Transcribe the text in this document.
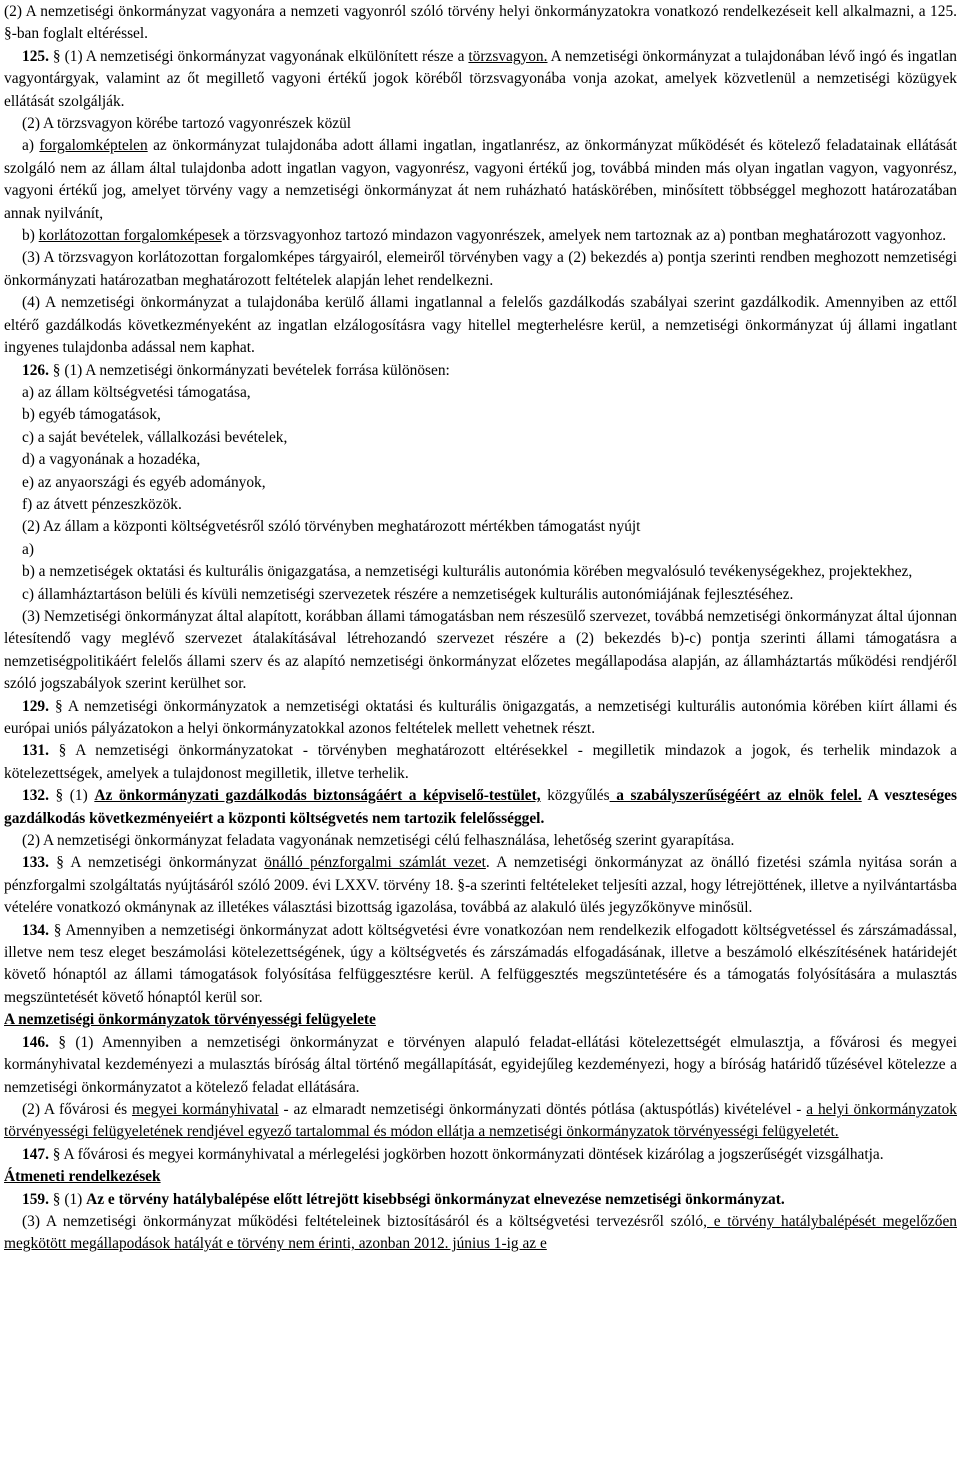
(2) A nemzetiségi önkormányzat vagyonára a nemzeti vagyonról szóló törvény helyi önkormányzatokra vonatkozó rendelkezéseit kell alkalmazni, a 125. §-ban foglalt eltéréssel.

125. § (1) A nemzetiségi önkormányzat vagyonának elkülönített része a törzsvagyon. A nemzetiségi önkormányzat a tulajdonában lévő ingó és ingatlan vagyontárgyak, valamint az őt megillető vagyoni értékű jogok köréből törzsvagyonába vonja azokat, amelyek közvetlenül a nemzetiségi közügyek ellátását szolgálják.

(2) A törzsvagyon körébe tartozó vagyonrészek közül

a) forgalomképtelen az önkormányzat tulajdonába adott állami ingatlan, ingatlanrész, az önkormányzat működését és kötelező feladatainak ellátását szolgáló nem az állam által tulajdonba adott ingatlan vagyon, vagyonrész, vagyoni értékű jog, továbbá minden más olyan ingatlan vagyon, vagyonrész, vagyoni értékű jog, amelyet törvény vagy a nemzetiségi önkormányzat át nem ruházható hatáskörében, minősített többséggel meghozott határozatában annak nyilvánít,

b) korlátozottan forgalomképesek a törzsvagyonhoz tartozó mindazon vagyonrészek, amelyek nem tartoznak az a) pontban meghatározott vagyonhoz.

(3) A törzsvagyon korlátozottan forgalomképes tárgyairól, elemeiről törvényben vagy a (2) bekezdés a) pontja szerinti rendben meghozott nemzetiségi önkormányzati határozatban meghatározott feltételek alapján lehet rendelkezni.

(4) A nemzetiségi önkormányzat a tulajdonába kerülő állami ingatlannal a felelős gazdálkodás szabályai szerint gazdálkodik. Amennyiben az ettől eltérő gazdálkodás következményeként az ingatlan elzálogosításra vagy hitellel megterhelésre kerül, a nemzetiségi önkormányzat új állami ingatlant ingyenes tulajdonba adással nem kaphat.

126. § (1) A nemzetiségi önkormányzati bevételek forrása különösen:

a) az állam költségvetési támogatása,

b) egyéb támogatások,

c) a saját bevételek, vállalkozási bevételek,

d) a vagyonának a hozadéka,

e) az anyaországi és egyéb adományok,

f) az átvett pénzeszközök.

(2) Az állam a központi költségvetésről szóló törvényben meghatározott mértékben támogatást nyújt

a)

b) a nemzetiségek oktatási és kulturális önigazgatása, a nemzetiségi kulturális autonómia körében megvalósuló tevékenységekhez, projektekhez,

c) államháztartáson belüli és kívüli nemzetiségi szervezetek részére a nemzetiségek kulturális autonómiájának fejlesztéséhez.

(3) Nemzetiségi önkormányzat által alapított, korábban állami támogatásban nem részesülő szervezet, továbbá nemzetiségi önkormányzat által újonnan létesítendő vagy meglévő szervezet átalakításával létrehozandó szervezet részére a (2) bekezdés b)-c) pontja szerinti állami támogatásra a nemzetiségpolitikáért felelős állami szerv és az alapító nemzetiségi önkormányzat előzetes megállapodása alapján, az államháztartás működési rendjéről szóló jogszabályok szerint kerülhet sor.

129. § A nemzetiségi önkormányzatok a nemzetiségi oktatási és kulturális önigazgatás, a nemzetiségi kulturális autonómia körében kiírt állami és európai uniós pályázatokon a helyi önkormányzatokkal azonos feltételek mellett vehetnek részt.

131. § A nemzetiségi önkormányzatokat - törvényben meghatározott eltérésekkel - megilletik mindazok a jogok, és terhelik mindazok a kötelezettségek, amelyek a tulajdonost megilletik, illetve terhelik.

132. § (1) Az önkormányzati gazdálkodás biztonságáért a képviselő-testület, közgyűlés a szabályszerűségéért az elnök felel. A veszteséges gazdálkodás következményeiért a központi költségvetés nem tartozik felelősséggel.

(2) A nemzetiségi önkormányzat feladata vagyonának nemzetiségi célú felhasználása, lehetőség szerint gyarapítása.

133. § A nemzetiségi önkormányzat önálló pénzforgalmi számlát vezet. A nemzetiségi önkormányzat az önálló fizetési számla nyitása során a pénzforgalmi szolgáltatás nyújtásáról szóló 2009. évi LXXV. törvény 18. §-a szerinti feltételeket teljesíti azzal, hogy létrejöttének, illetve a nyilvántartásba vételére vonatkozó okmánynak az illetékes választási bizottság igazolása, továbbá az alakuló ülés jegyzőkönyve minősül.

134. § Amennyiben a nemzetiségi önkormányzat adott költségvetési évre vonatkozóan nem rendelkezik elfogadott költségvetéssel és zárszámadással, illetve nem tesz eleget beszámolási kötelezettségének, úgy a költségvetés és zárszámadás elfogadásának, illetve a beszámoló elkészítésének határidejét követő hónaptól az állami támogatások folyósítása felfüggesztésre kerül. A felfüggesztés megszüntetésére és a támogatás folyósítására a mulasztás megszüntetését követő hónaptól kerül sor.

A nemzetiségi önkormányzatok törvényességi felügyelete

146. § (1) Amennyiben a nemzetiségi önkormányzat e törvényen alapuló feladat-ellátási kötelezettségét elmulasztja, a fővárosi és megyei kormányhivatal kezdeményezi a mulasztás bíróság által történő megállapítását, egyidejűleg kezdeményezi, hogy a bíróság határidő tűzésével kötelezze a nemzetiségi önkormányzatot a kötelező feladat ellátására.

(2) A fővárosi és megyei kormányhivatal - az elmaradt nemzetiségi önkormányzati döntés pótlása (aktuspótlás) kivételével - a helyi önkormányzatok törvényességi felügyeletének rendjével egyező tartalommal és módon ellátja a nemzetiségi önkormányzatok törvényességi felügyeletét.

147. § A fővárosi és megyei kormányhivatal a mérlegelési jogkörben hozott önkormányzati döntések kizárólag a jogszerűségét vizsgálhatja.

Átmeneti rendelkezések

159. § (1) Az e törvény hatálybalépése előtt létrejött kisebbségi önkormányzat elnevezése nemzetiségi önkormányzat.

(3) A nemzetiségi önkormányzat működési feltételeinek biztosításáról és a költségvetési tervezésről szóló, e törvény hatálybalépését megelőzően megkötött megállapodások hatályát e törvény nem érinti, azonban 2012. június 1-ig az e
